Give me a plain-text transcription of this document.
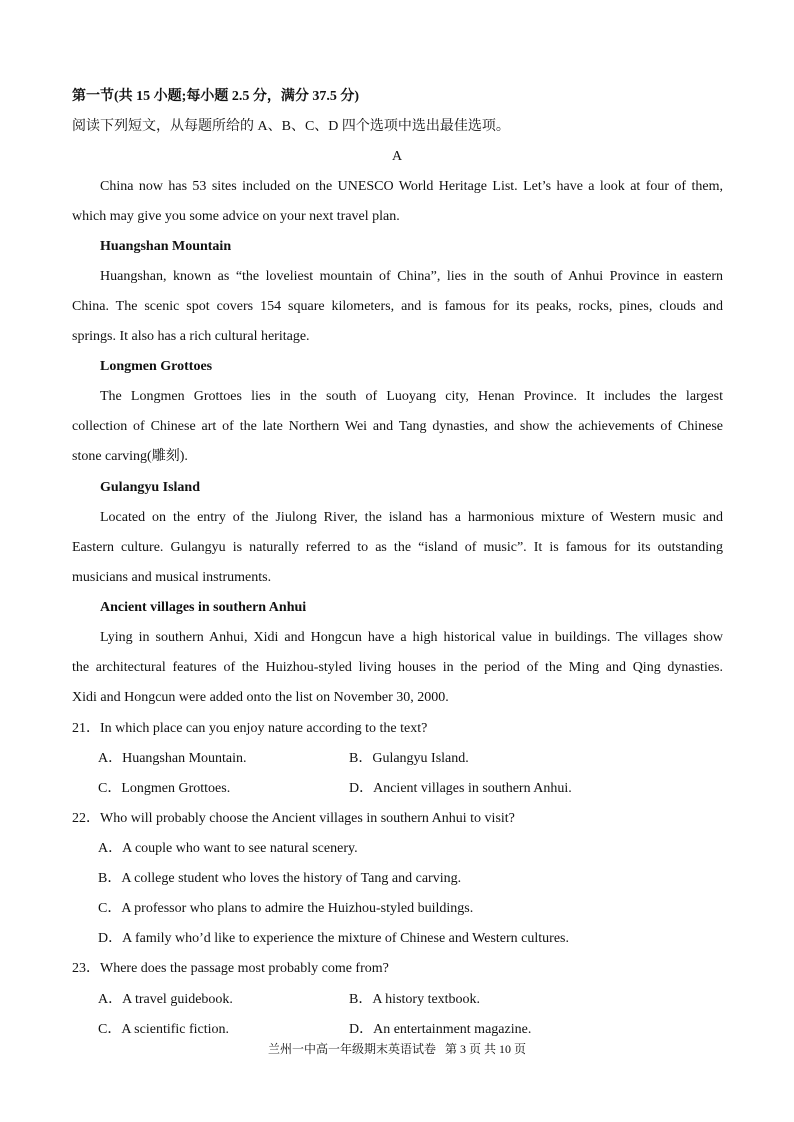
第一节(共 15 小题;每小题 2.5 分，满分 37.5 分)
阅读下列短文，从每题所给的 A、B、C、D 四个选项中选出最佳选项。
A
China now has 53 sites included on the UNESCO World Heritage List. Let’s have a look at four of them,
which may give you some advice on your next travel plan.
Huangshan Mountain
Huangshan, known as “the loveliest mountain of China”, lies in the south of Anhui Province in eastern
China. The scenic spot covers 154 square kilometers, and is famous for its peaks, rocks, pines, clouds and
springs. It also has a rich cultural heritage.
Longmen Grottoes
The Longmen Grottoes lies in the south of Luoyang city, Henan Province. It includes the largest
collection of Chinese art of the late Northern Wei and Tang dynasties, and show the achievements of Chinese
stone carving(雕刻).
Gulangyu Island
Located on the entry of the Jiulong River, the island has a harmonious mixture of Western music and
Eastern culture. Gulangyu is naturally referred to as the “island of music”. It is famous for its outstanding
musicians and musical instruments.
Ancient villages in southern Anhui
Lying in southern Anhui, Xidi and Hongcun have a high historical value in buildings. The villages show
the architectural features of the Huizhou-styled living houses in the period of the Ming and Qing dynasties.
Xidi and Hongcun were added onto the list on November 30, 2000.
21．In which place can you enjoy nature according to the text?
A．Huangshan Mountain.	B．Gulangyu Island.
C．Longmen Grottoes.	D．Ancient villages in southern Anhui.
22．Who will probably choose the Ancient villages in southern Anhui to visit?
A．A couple who want to see natural scenery.
B．A college student who loves the history of Tang and carving.
C．A professor who plans to admire the Huizhou-styled buildings.
D．A family who’d like to experience the mixture of Chinese and Western cultures.
23．Where does the passage most probably come from?
A．A travel guidebook.	B．A history textbook.
C．A scientific fiction.	D．An entertainment magazine.
兰州一中高一年级期末英语试卷 第 3 页 共 10 页
